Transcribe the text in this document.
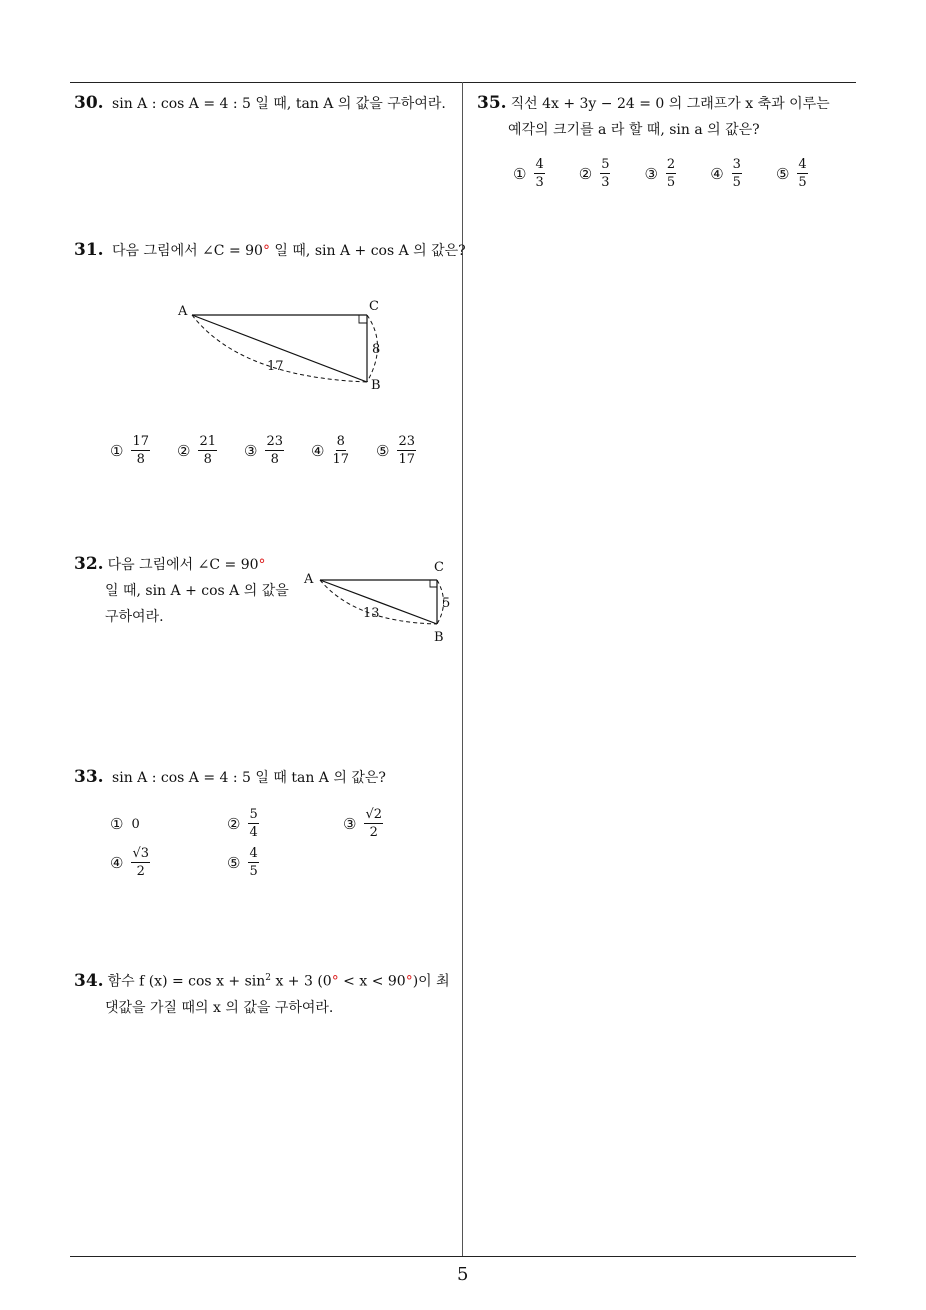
30. sin A : cos A = 4 : 5 일 때, tan A 의 값을 구하여라.
31. 다음 그림에서 ∠C = 90° 일 때, sin A + cos A 의 값은?
A	C
B
17
8
① $\frac{17}{8}$ ② $\frac{21}{8}$ ③ $\frac{23}{8}$ ④ $\frac{8}{17}$ ⑤ $\frac{23}{17}$
32. 다음 그림에서 ∠C = 90°
일 때, sin A + cos A 의 값을
구하여라.
A
C
B
13
5
33. sin A : cos A = 4 : 5 일 때 tan A 의 값은?
① 0	② $\frac{5}{4}$	③ $\frac{√2}{2}$
④ $\frac{√3}{2}$	⑤ $\frac{4}{5}$
34. 함수 f $(x) = \cos x + \sin^2 x + 3$ (0° < x < 90°)이 최
댓값을 가질 때의 x 의 값을 구하여라.
35. 직선 4x + 3y − 24 = 0 의 그래프가 x 축과 이루는
예각의 크기를 a 라 할 때, sin a 의 값은?
① $\frac{4}{3}$ ② $\frac{5}{3}$ ③ $\frac{2}{5}$ ④ $\frac{3}{5}$ ⑤ $\frac{4}{5}$
5
